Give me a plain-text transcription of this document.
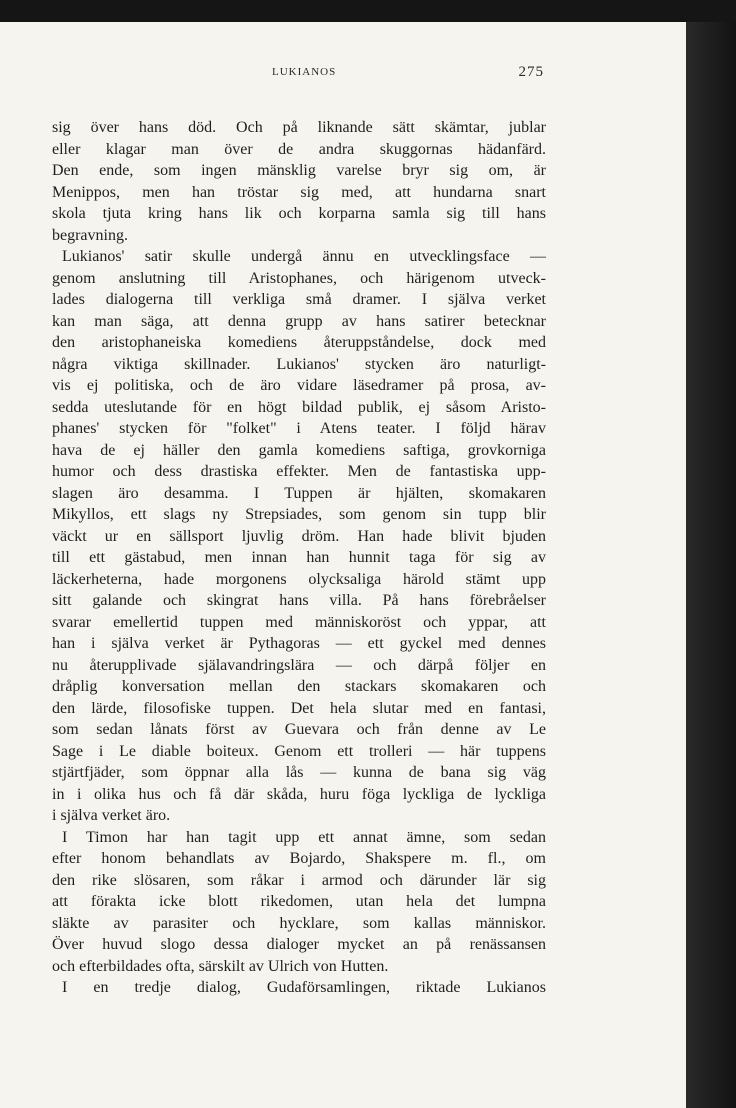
LUKIANOS	275
sig över hans död. Och på liknande sätt skämtar, jublar
eller klagar man över de andra skuggornas hädanfärd.
Den ende, som ingen mänsklig varelse bryr sig om, är
Menippos, men han tröstar sig med, att hundarna snart
skola tjuta kring hans lik och korparna samla sig till hans
begravning.
Lukianos' satir skulle undergå ännu en utvecklingsface —
genom anslutning till Aristophanes, och härigenom utveck-
lades dialogerna till verkliga små dramer. I själva verket
kan man säga, att denna grupp av hans satirer betecknar
den aristophaneiska komediens återuppståndelse, dock med
några viktiga skillnader. Lukianos' stycken äro naturligt-
vis ej politiska, och de äro vidare läsedramer på prosa, av-
sedda uteslutande för en högt bildad publik, ej såsom Aristo-
phanes' stycken för "folket" i Atens teater. I följd härav
hava de ej häller den gamla komediens saftiga, grovkorniga
humor och dess drastiska effekter. Men de fantastiska upp-
slagen äro desamma. I Tuppen är hjälten, skomakaren
Mikyllos, ett slags ny Strepsiades, som genom sin tupp blir
väckt ur en sällsport ljuvlig dröm. Han hade blivit bjuden
till ett gästabud, men innan han hunnit taga för sig av
läckerheterna, hade morgonens olycksaliga härold stämt upp
sitt galande och skingrat hans villa. På hans förebråelser
svarar emellertid tuppen med människoröst och yppar, att
han i själva verket är Pythagoras — ett gyckel med dennes
nu återupplivade själavandringslära — och därpå följer en
dråplig konversation mellan den stackars skomakaren och
den lärde, filosofiske tuppen. Det hela slutar med en fantasi,
som sedan lånats först av Guevara och från denne av Le
Sage i Le diable boiteux. Genom ett trolleri — här tuppens
stjärtfjäder, som öppnar alla lås — kunna de bana sig väg
in i olika hus och få där skåda, huru föga lyckliga de lyckliga
i själva verket äro.
I Timon har han tagit upp ett annat ämne, som sedan
efter honom behandlats av Bojardo, Shakspere m. fl., om
den rike slösaren, som råkar i armod och därunder lär sig
att förakta icke blott rikedomen, utan hela det lumpna
släkte av parasiter och hycklare, som kallas människor.
Över huvud slogo dessa dialoger mycket an på renässansen
och efterbildades ofta, särskilt av Ulrich von Hutten.
I en tredje dialog, Gudaförsamlingen, riktade Lukianos
